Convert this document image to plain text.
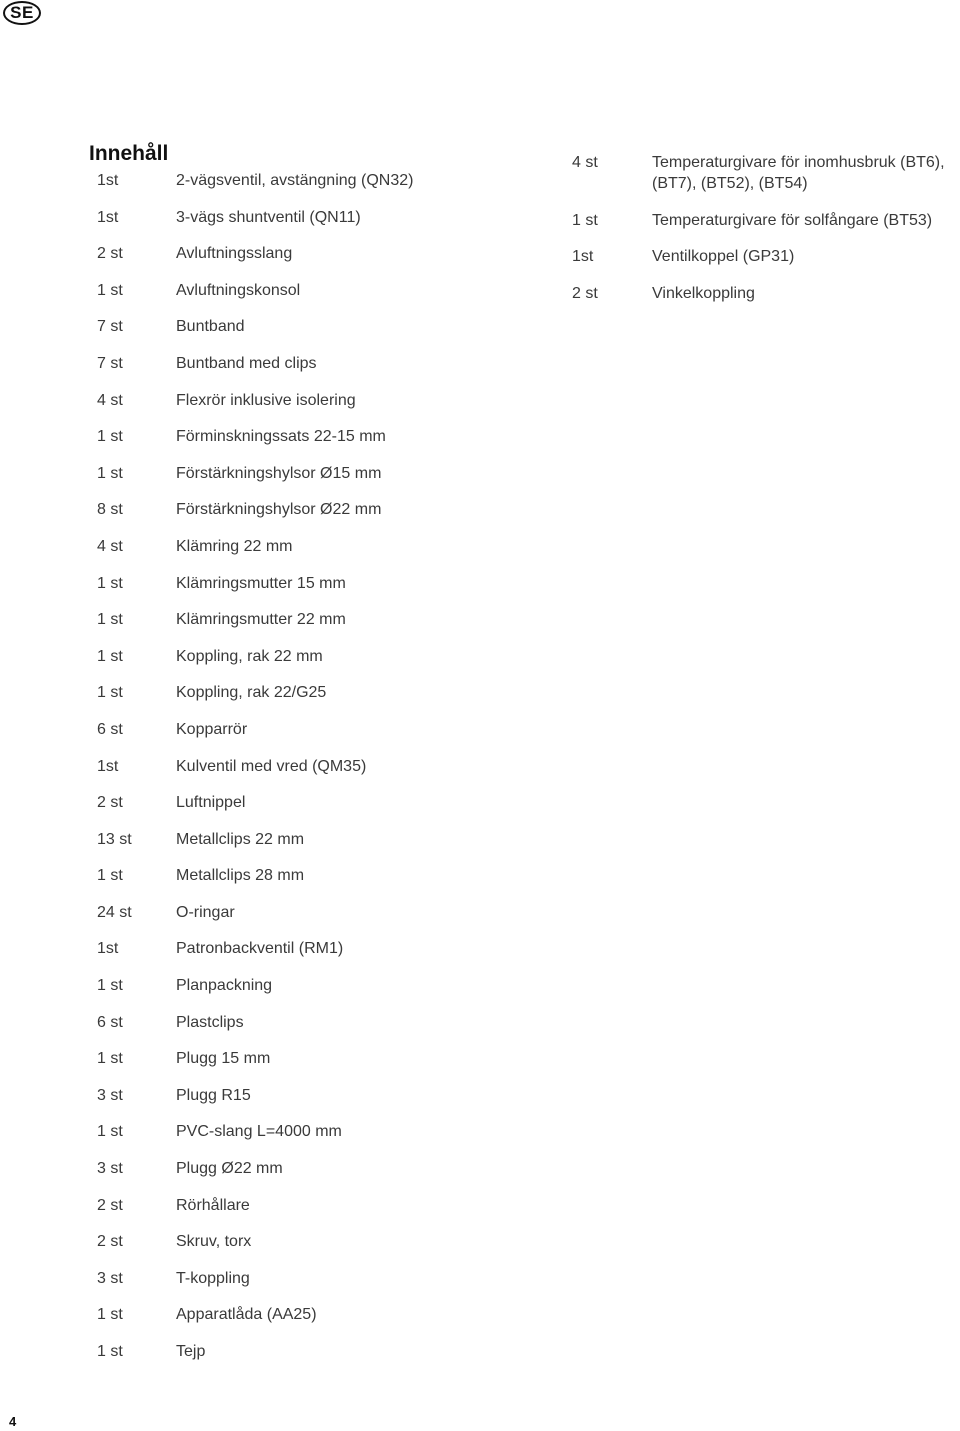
SE
Innehåll
1st	2-vägsventil, avstängning (QN32)
1st	3-vägs shuntventil (QN11)
2 st	Avluftningsslang
1 st	Avluftningskonsol
7 st	Buntband
7 st	Buntband med clips
4 st	Flexrör inklusive isolering
1 st	Förminskningssats 22-15 mm
1 st	Förstärkningshylsor Ø15 mm
8 st	Förstärkningshylsor Ø22 mm
4 st	Klämring 22 mm
1 st	Klämringsmutter 15 mm
1 st	Klämringsmutter 22 mm
1 st	Koppling, rak 22 mm
1 st	Koppling, rak 22/G25
6 st	Kopparrör
1st	Kulventil med vred (QM35)
2 st	Luftnippel
13 st	Metallclips 22 mm
1 st	Metallclips 28 mm
24 st	O-ringar
1st	Patronbackventil (RM1)
1 st	Planpackning
6 st	Plastclips
1 st	Plugg 15 mm
3 st	Plugg R15
1 st	PVC-slang L=4000 mm
3 st	Plugg Ø22 mm
2 st	Rörhållare
2 st	Skruv, torx
3 st	T-koppling
1 st	Apparatlåda (AA25)
1 st	Tejp
4 st	Temperaturgivare för inomhusbruk (BT6), (BT7), (BT52), (BT54)
1 st	Temperaturgivare för solfångare (BT53)
1st	Ventilkoppel (GP31)
2 st	Vinkelkoppling
4
